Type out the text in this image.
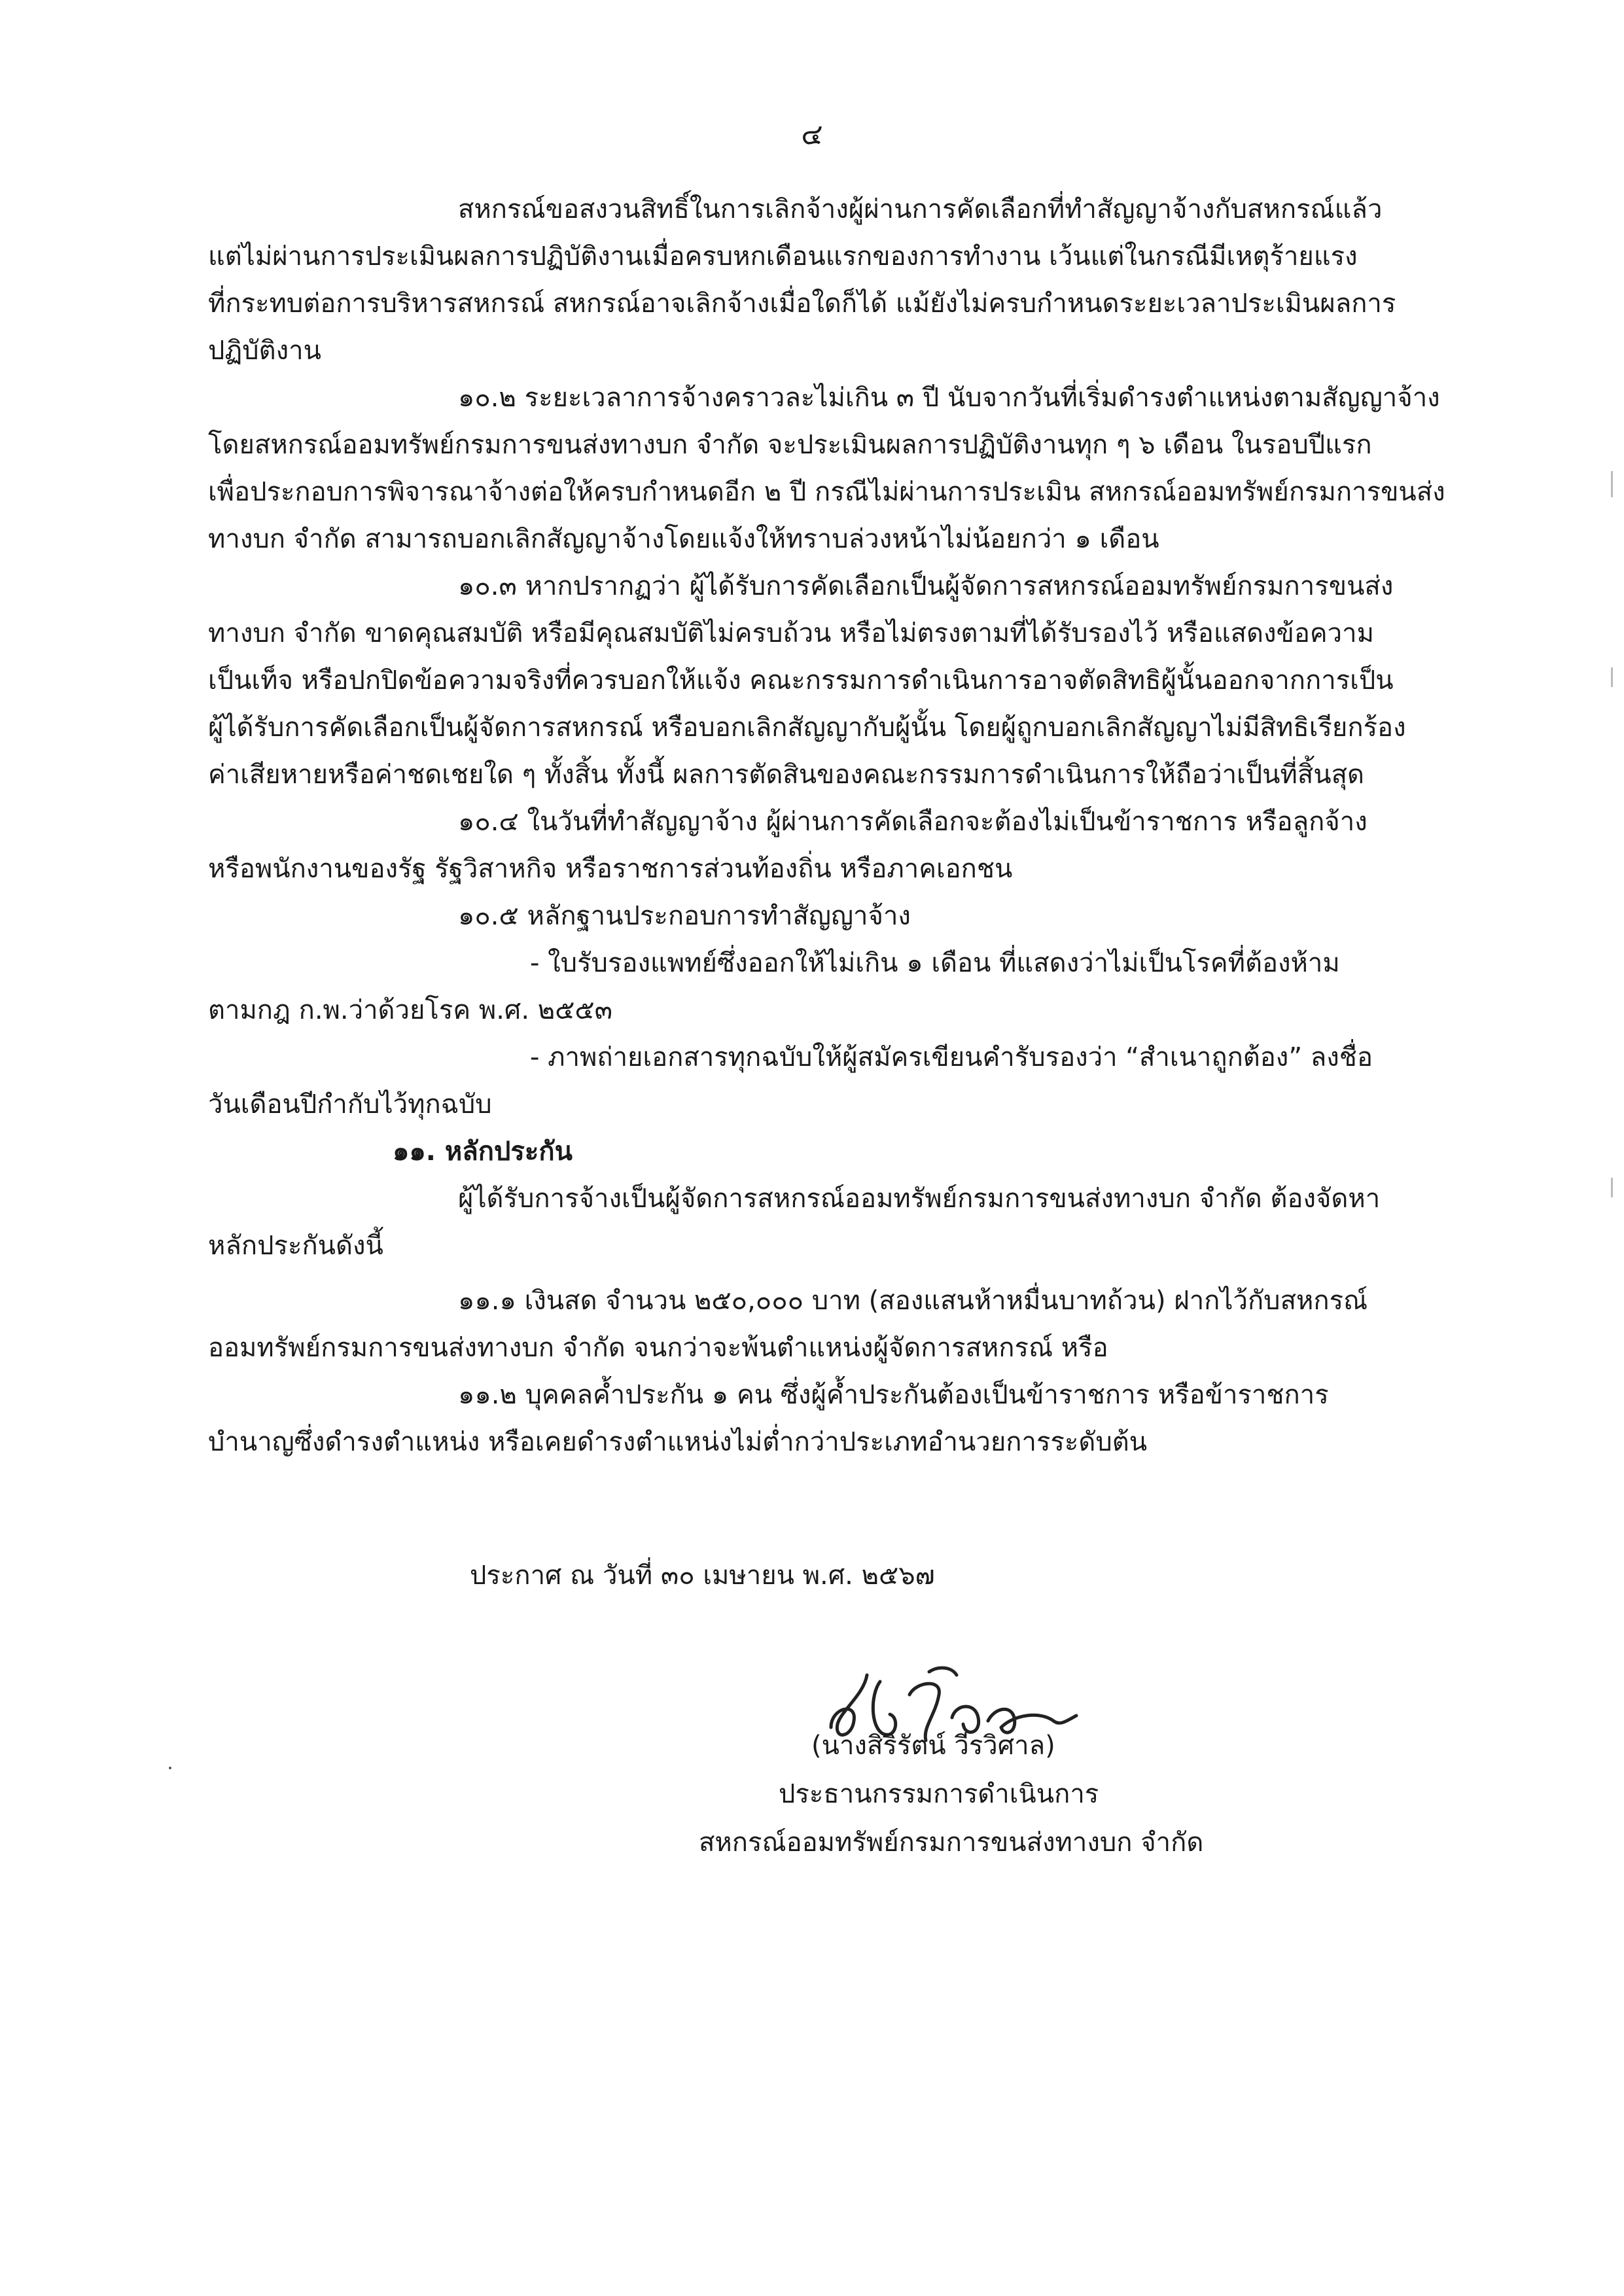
๔
สหกรณ์ขอสงวนสิทธิ์ในการเลิกจ้างผู้ผ่านการคัดเลือกที่ทำสัญญาจ้างกับสหกรณ์แล้ว
แต่ไม่ผ่านการประเมินผลการปฏิบัติงานเมื่อครบหกเดือนแรกของการทำงาน เว้นแต่ในกรณีมีเหตุร้ายแรง
ที่กระทบต่อการบริหารสหกรณ์ สหกรณ์อาจเลิกจ้างเมื่อใดก็ได้ แม้ยังไม่ครบกำหนดระยะเวลาประเมินผลการ
ปฏิบัติงาน
๑๐.๒ ระยะเวลาการจ้างคราวละไม่เกิน ๓ ปี นับจากวันที่เริ่มดำรงตำแหน่งตามสัญญาจ้าง
โดยสหกรณ์ออมทรัพย์กรมการขนส่งทางบก จำกัด จะประเมินผลการปฏิบัติงานทุก ๆ ๖ เดือน ในรอบปีแรก
เพื่อประกอบการพิจารณาจ้างต่อให้ครบกำหนดอีก ๒ ปี กรณีไม่ผ่านการประเมิน สหกรณ์ออมทรัพย์กรมการขนส่ง
ทางบก จำกัด สามารถบอกเลิกสัญญาจ้างโดยแจ้งให้ทราบล่วงหน้าไม่น้อยกว่า ๑ เดือน
๑๐.๓ หากปรากฏว่า ผู้ได้รับการคัดเลือกเป็นผู้จัดการสหกรณ์ออมทรัพย์กรมการขนส่ง
ทางบก จำกัด ขาดคุณสมบัติ หรือมีคุณสมบัติไม่ครบถ้วน หรือไม่ตรงตามที่ได้รับรองไว้ หรือแสดงข้อความ
เป็นเท็จ หรือปกปิดข้อความจริงที่ควรบอกให้แจ้ง คณะกรรมการดำเนินการอาจตัดสิทธิผู้นั้นออกจากการเป็น
ผู้ได้รับการคัดเลือกเป็นผู้จัดการสหกรณ์ หรือบอกเลิกสัญญากับผู้นั้น โดยผู้ถูกบอกเลิกสัญญาไม่มีสิทธิเรียกร้อง
ค่าเสียหายหรือค่าชดเชยใด ๆ ทั้งสิ้น ทั้งนี้ ผลการตัดสินของคณะกรรมการดำเนินการให้ถือว่าเป็นที่สิ้นสุด
๑๐.๔ ในวันที่ทำสัญญาจ้าง ผู้ผ่านการคัดเลือกจะต้องไม่เป็นข้าราชการ หรือลูกจ้าง
หรือพนักงานของรัฐ รัฐวิสาหกิจ หรือราชการส่วนท้องถิ่น หรือภาคเอกชน
๑๐.๕ หลักฐานประกอบการทำสัญญาจ้าง
- ใบรับรองแพทย์ซึ่งออกให้ไม่เกิน ๑ เดือน ที่แสดงว่าไม่เป็นโรคที่ต้องห้าม
ตามกฎ ก.พ.ว่าด้วยโรค พ.ศ. ๒๕๕๓
- ภาพถ่ายเอกสารทุกฉบับให้ผู้สมัครเขียนคำรับรองว่า “สำเนาถูกต้อง” ลงชื่อ
วันเดือนปีกำกับไว้ทุกฉบับ
๑๑. หลักประกัน
ผู้ได้รับการจ้างเป็นผู้จัดการสหกรณ์ออมทรัพย์กรมการขนส่งทางบก จำกัด ต้องจัดหา
หลักประกันดังนี้
๑๑.๑ เงินสด จำนวน ๒๕๐,๐๐๐ บาท (สองแสนห้าหมื่นบาทถ้วน) ฝากไว้กับสหกรณ์
ออมทรัพย์กรมการขนส่งทางบก จำกัด จนกว่าจะพ้นตำแหน่งผู้จัดการสหกรณ์ หรือ
๑๑.๒ บุคคลค้ำประกัน ๑ คน ซึ่งผู้ค้ำประกันต้องเป็นข้าราชการ หรือข้าราชการ
บำนาญซึ่งดำรงตำแหน่ง หรือเคยดำรงตำแหน่งไม่ต่ำกว่าประเภทอำนวยการระดับต้น
ประกาศ ณ วันที่ ๓๐ เมษายน พ.ศ. ๒๕๖๗
(นางสิริรัตน์ วีรวิศาล)
ประธานกรรมการดำเนินการ
สหกรณ์ออมทรัพย์กรมการขนส่งทางบก จำกัด
